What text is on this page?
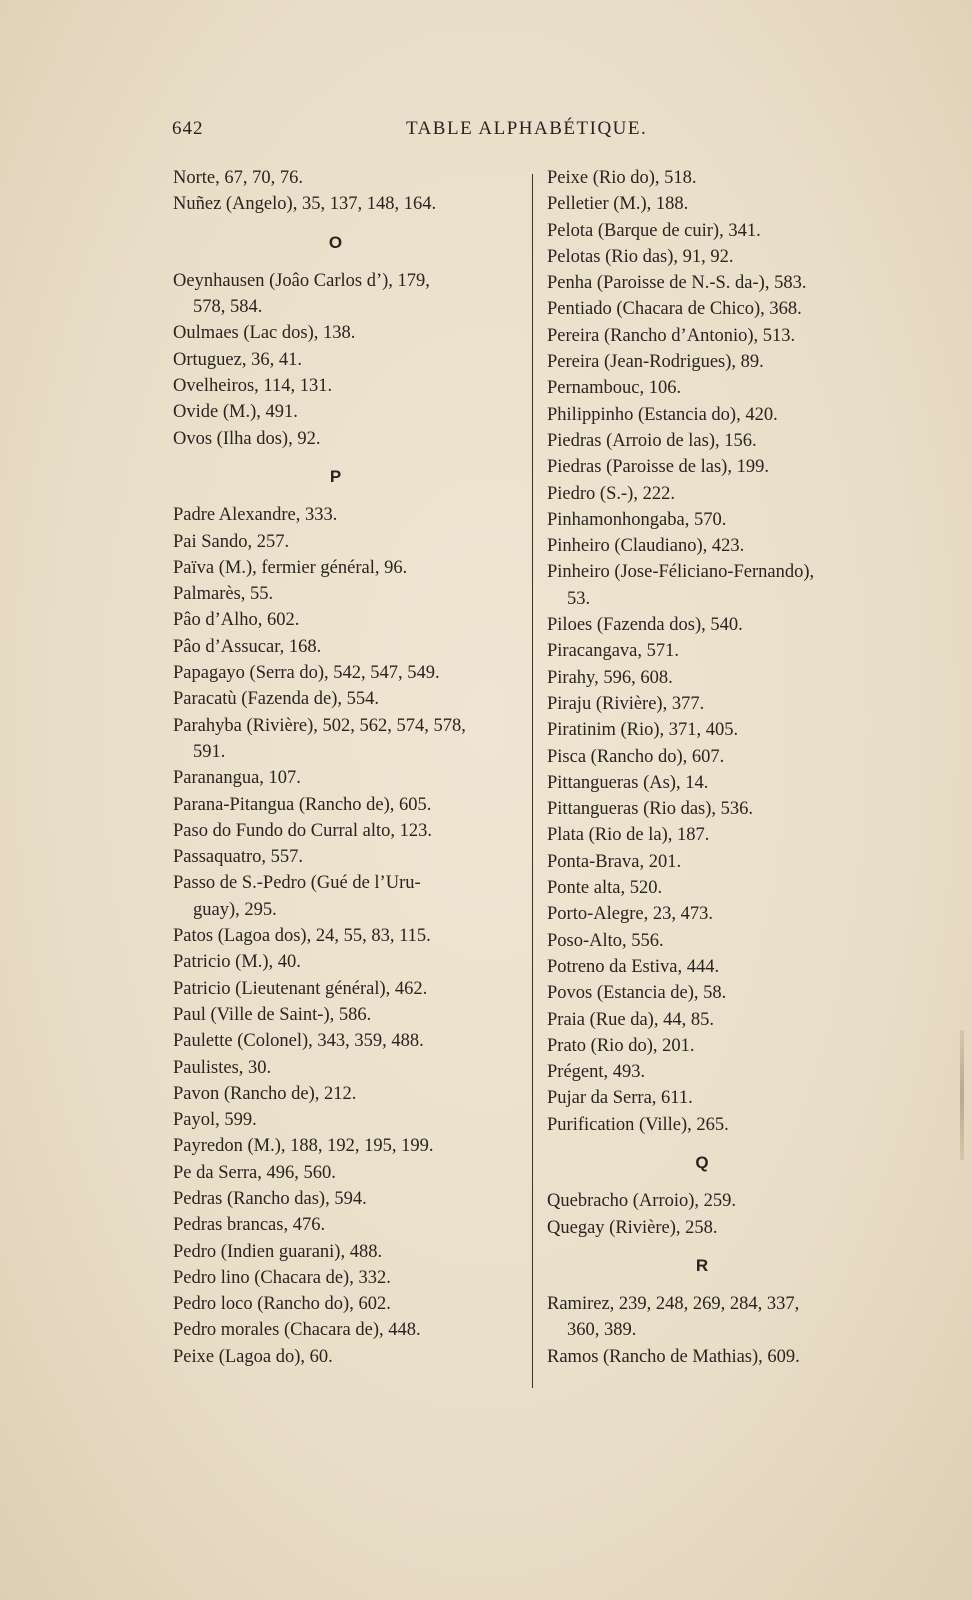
642	TABLE ALPHABÉTIQUE.
Norte, 67, 70, 76.
Nuñez (Angelo), 35, 137, 148, 164.
O
Oeynhausen (Joâo Carlos d’), 179,
578, 584.
Oulmaes (Lac dos), 138.
Ortuguez, 36, 41.
Ovelheiros, 114, 131.
Ovide (M.), 491.
Ovos (Ilha dos), 92.
P
Padre Alexandre, 333.
Pai Sando, 257.
Païva (M.), fermier général, 96.
Palmarès, 55.
Pâo d’Alho, 602.
Pâo d’Assucar, 168.
Papagayo (Serra do), 542, 547, 549.
Paracatù (Fazenda de), 554.
Parahyba (Rivière), 502, 562, 574, 578,
591.
Paranangua, 107.
Parana-Pitangua (Rancho de), 605.
Paso do Fundo do Curral alto, 123.
Passaquatro, 557.
Passo de S.-Pedro (Gué de l’Uru-
guay), 295.
Patos (Lagoa dos), 24, 55, 83, 115.
Patricio (M.), 40.
Patricio (Lieutenant général), 462.
Paul (Ville de Saint-), 586.
Paulette (Colonel), 343, 359, 488.
Paulistes, 30.
Pavon (Rancho de), 212.
Payol, 599.
Payredon (M.), 188, 192, 195, 199.
Pe da Serra, 496, 560.
Pedras (Rancho das), 594.
Pedras brancas, 476.
Pedro (Indien guarani), 488.
Pedro lino (Chacara de), 332.
Pedro loco (Rancho do), 602.
Pedro morales (Chacara de), 448.
Peixe (Lagoa do), 60.
Peixe (Rio do), 518.
Pelletier (M.), 188.
Pelota (Barque de cuir), 341.
Pelotas (Rio das), 91, 92.
Penha (Paroisse de N.-S. da-), 583.
Pentiado (Chacara de Chico), 368.
Pereira (Rancho d’Antonio), 513.
Pereira (Jean-Rodrigues), 89.
Pernambouc, 106.
Philippinho (Estancia do), 420.
Piedras (Arroio de las), 156.
Piedras (Paroisse de las), 199.
Piedro (S.-), 222.
Pinhamonhongaba, 570.
Pinheiro (Claudiano), 423.
Pinheiro (Jose-Féliciano-Fernando),
53.
Piloes (Fazenda dos), 540.
Piracangava, 571.
Pirahy, 596, 608.
Piraju (Rivière), 377.
Piratinim (Rio), 371, 405.
Pisca (Rancho do), 607.
Pittangueras (As), 14.
Pittangueras (Rio das), 536.
Plata (Rio de la), 187.
Ponta-Brava, 201.
Ponte alta, 520.
Porto-Alegre, 23, 473.
Poso-Alto, 556.
Potreno da Estiva, 444.
Povos (Estancia de), 58.
Praia (Rue da), 44, 85.
Prato (Rio do), 201.
Prégent, 493.
Pujar da Serra, 611.
Purification (Ville), 265.
Q
Quebracho (Arroio), 259.
Quegay (Rivière), 258.
R
Ramirez, 239, 248, 269, 284, 337,
360, 389.
Ramos (Rancho de Mathias), 609.
